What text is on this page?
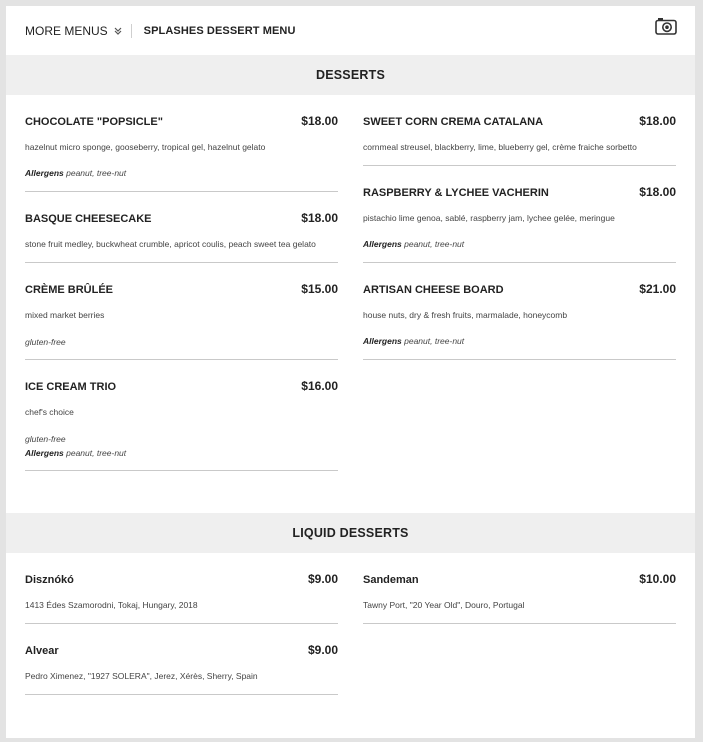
MORE MENUS	SPLASHES DESSERT MENU
DESSERTS
CHOCOLATE "POPSICLE"	$18.00
hazelnut micro sponge, gooseberry, tropical gel, hazelnut gelato
Allergens peanut, tree-nut
BASQUE CHEESECAKE	$18.00
stone fruit medley, buckwheat crumble, apricot coulis, peach sweet tea gelato
CRÈME BRÛLÉE	$15.00
mixed market berries
gluten-free
ICE CREAM TRIO	$16.00
chef's choice
gluten-free
Allergens peanut, tree-nut
SWEET CORN CREMA CATALANA	$18.00
cornmeal streusel, blackberry, lime, blueberry gel, crème fraiche sorbetto
RASPBERRY & LYCHEE VACHERIN	$18.00
pistachio lime genoa, sablé, raspberry jam, lychee gelée, meringue
Allergens peanut, tree-nut
ARTISAN CHEESE BOARD	$21.00
house nuts, dry & fresh fruits, marmalade, honeycomb
Allergens peanut, tree-nut
LIQUID DESSERTS
Disznókó	$9.00
1413 Édes Szamorodni, Tokaj, Hungary, 2018
Alvear	$9.00
Pedro Ximenez, "1927 SOLERA", Jerez, Xérès, Sherry, Spain
Sandeman	$10.00
Tawny Port, "20 Year Old", Douro, Portugal
